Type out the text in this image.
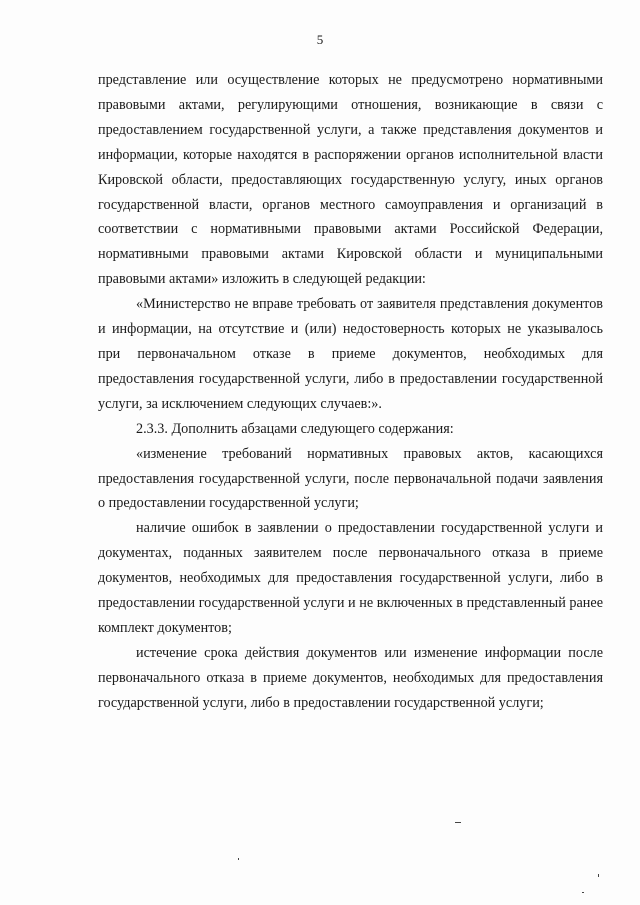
5

представление или осуществление которых не предусмотрено нормативными правовыми актами, регулирующими отношения, возникающие в связи с предоставлением государственной услуги, а также представления документов и информации, которые находятся в распоряжении органов исполнительной власти Кировской области, предоставляющих государственную услугу, иных органов государственной власти, органов местного самоуправления и организаций в соответствии с нормативными правовыми актами Российской Федерации, нормативными правовыми актами Кировской области и муниципальными правовыми актами» изложить в следующей редакции:

«Министерство не вправе требовать от заявителя представления документов и информации, на отсутствие и (или) недостоверность которых не указывалось при первоначальном отказе в приеме документов, необходимых для предоставления государственной услуги, либо в предоставлении государственной услуги, за исключением следующих случаев:».

2.3.3. Дополнить абзацами следующего содержания:

«изменение требований нормативных правовых актов, касающихся предоставления государственной услуги, после первоначальной подачи заявления о предоставлении государственной услуги;

наличие ошибок в заявлении о предоставлении государственной услуги и документах, поданных заявителем после первоначального отказа в приеме документов, необходимых для предоставления государственной услуги, либо в предоставлении государственной услуги и не включенных в представленный ранее комплект документов;

истечение срока действия документов или изменение информации после первоначального отказа в приеме документов, необходимых для предоставления государственной услуги, либо в предоставлении государственной услуги;
